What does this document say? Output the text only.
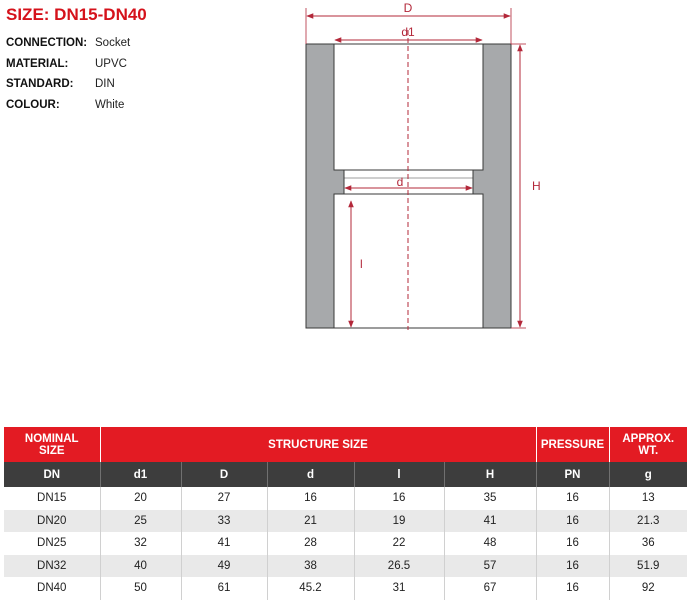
SIZE: DN15-DN40
CONNECTION: Socket
MATERIAL:	UPVC
STANDARD:	DIN
COLOUR:	White
D
d1
d	H
l
NOMINAL SIZE	STRUCTURE SIZE					PRESSURE	APPROX. WT.
DN	d1	D	d	l	H	PN	g
DN15	20	27	16	16	35	16	13
DN20	25	33	21	19	41	16	21.3
DN25	32	41	28	22	48	16	36
DN32	40	49	38	26.5	57	16	51.9
DN40	50	61	45.2	31	67	16	92
